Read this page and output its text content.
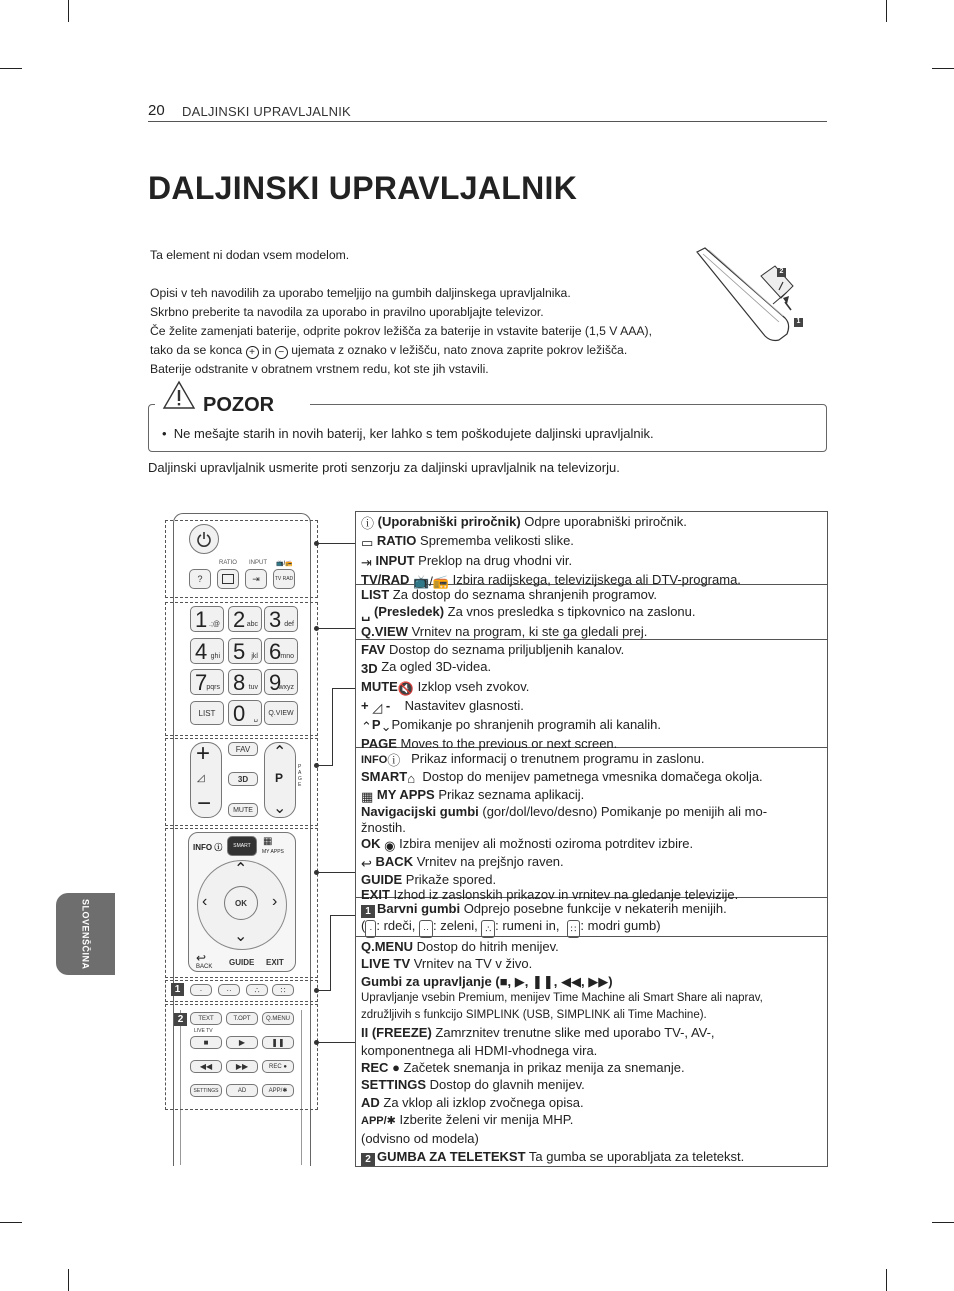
20 DALJINSKI UPRAVLJALNIK
DALJINSKI UPRAVLJALNIK

Ta element ni dodan vsem modelom.

Opisi v teh navodilih za uporabo temeljijo na gumbih daljinskega upravljalnika.

Skrbno preberite ta navodila za uporabo in pravilno uporabljajte televizor.

Če želite zamenjati baterije, odprite pokrov ležišča za baterije in vstavite baterije (1,5 V AAA),

tako da se konca + in − ujemata z oznako v ležišču, nato znova zaprite pokrov ležišča.

Baterije odstranite v obratnem vrstnem redu, kot ste jih vstavili.

2
1
POZOR
•  Ne mešajte starih in novih baterij, ker lahko s tem poškodujete daljinski upravljalnik.
Daljinski upravljalnik usmerite proti senzorju za daljinski upravljalnik na televizorju.
SLOVENŠČINA
RATIO INPUT 📺/📻
?	⇥	TV RAD
1 .;@ 2 abc 3 def
4 ghi 5 jkl 6 mno
7 pqrs 8 tuv 9
wxyz
LIST 0 ␣
Q.VIEW
+
◿
−
FAV
3D
MUTE
⌃
P
⌄
PAGE
INFO ⓘ SMART ▦
MY APPS
OK
⌃
⌄
‹	›
↩
BACK GUIDE EXIT
1	·	··	∴	∷
2	TEXT	T.OPT	Q.MENU
LIVE TV
■	▶	❚❚
◀◀	▶▶	REC ●
SETTINGS	AD	APP/✱
ⓘ (Uporabniški priročnik) Odpre uporabniški priročnik.
▭ RATIO Sprememba velikosti slike.
⇥ INPUT Preklop na drug vhodni vir.
TV/RAD 📺/📻 Izbira radijskega, televizijskega ali DTV-programa.
LIST Za dostop do seznama shranjenih programov.
␣ (Presledek) Za vnos presledka s tipkovnico na zaslonu.
Q.VIEW Vrnitev na program, ki ste ga gledali prej.
FAV Dostop do seznama priljubljenih kanalov.
3D Za ogled 3D-videa.
MUTE🔇 Izklop vseh zvokov.
+ ◿ - Nastavitev glasnosti.
⌃P⌄Pomikanje po shranjenih programih ali kanalih.
PAGE Moves to the previous or next screen.
INFOⓘ Prikaz informacij o trenutnem programu in zaslonu.
SMART⌂ Dostop do menijev pametnega vmesnika domačega okolja.
▦ MY APPS Prikaz seznama aplikacij.
Navigacijski gumbi (gor/dol/levo/desno) Pomikanje po menijih ali mo-
žnostih.
OK ◉ Izbira menijev ali možnosti oziroma potrditev izbire.
↩ BACK Vrnitev na prejšnjo raven.
GUIDE Prikaže spored.
EXIT Izhod iz zaslonskih prikazov in vrnitev na gledanje televizije.
1 Barvni gumbi Odprejo posebne funkcije v nekaterih menijih.
( · : rdeči, ·· : zeleni, ∴ : rumeni in,  ∷ : modri gumb)
Q.MENU Dostop do hitrih menijev.
LIVE TV Vrnitev na TV v živo.
Gumbi za upravljanje (■, ▶, ❚❚, ◀◀, ▶▶)
Upravljanje vsebin Premium, menijev Time Machine ali Smart Share ali naprav,
združljivih s funkcijo SIMPLINK (USB, SIMPLINK ali Time Machine).
II (FREEZE) Zamrznitev trenutne slike med uporabo TV-, AV-,
komponentnega ali HDMI-vhodnega vira.
REC ● Začetek snemanja in prikaz menija za snemanje.
SETTINGS Dostop do glavnih menijev.
AD Za vklop ali izklop zvočnega opisa.
APP/✱ Izberite želeni vir menija MHP.
(odvisno od modela)
2 GUMBA ZA TELETEKST Ta gumba se uporabljata za teletekst.
